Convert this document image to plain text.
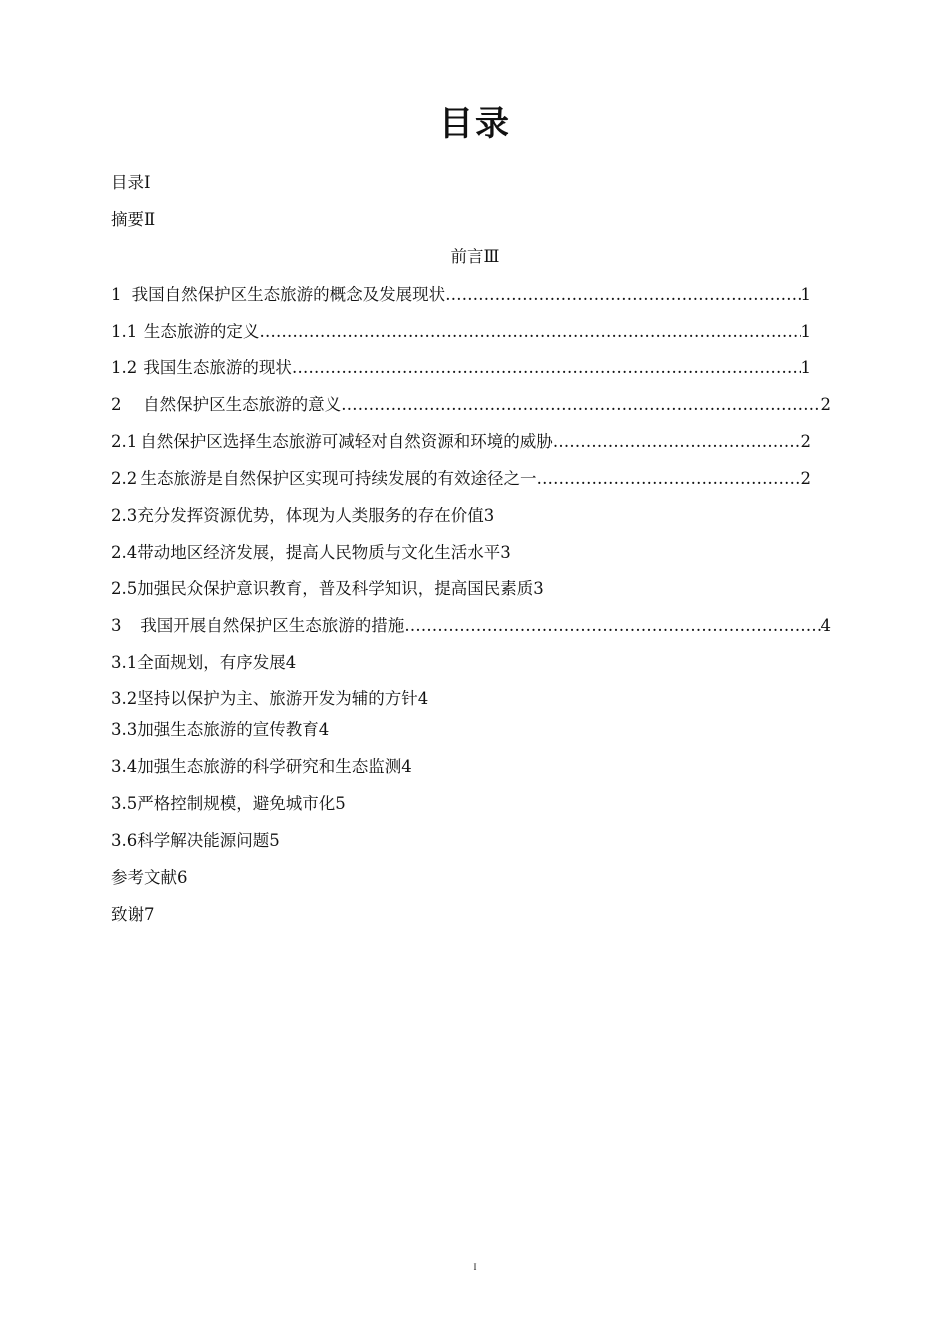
目录
目录Ⅰ
摘要Ⅱ
前言Ⅲ
1 我国自然保护区生态旅游的概念及发展现状 …………………………………………………………………………………………………………………………………………………………………………………………	1
1.1 生态旅游的定义 …………………………………………………………………………………………………………………………………………………………………………………………	1
1.2 我国生态旅游的现状 …………………………………………………………………………………………………………………………………………………………………………………………	1
2 自然保护区生态旅游的意义 …………………………………………………………………………………………………………………………………………………………………………………………	2
2.1 自然保护区选择生态旅游可减轻对自然资源和环境的威胁 …………………………………………………………………………………………………………………………………………………………………………………………	2
2.2 生态旅游是自然保护区实现可持续发展的有效途径之一 …………………………………………………………………………………………………………………………………………………………………………………………	2
2.3充分发挥资源优势，体现为人类服务的存在价值3
2.4带动地区经济发展，提高人民物质与文化生活水平3
2.5加强民众保护意识教育，普及科学知识，提高国民素质3
3 我国开展自然保护区生态旅游的措施 …………………………………………………………………………………………………………………………………………………………………………………………	4
3.1全面规划，有序发展4
3.2坚持以保护为主、旅游开发为辅的方针4
3.3加强生态旅游的宣传教育4
3.4加强生态旅游的科学研究和生态监测4
3.5严格控制规模，避免城市化5
3.6科学解决能源问题5
参考文献6
致谢7
I
